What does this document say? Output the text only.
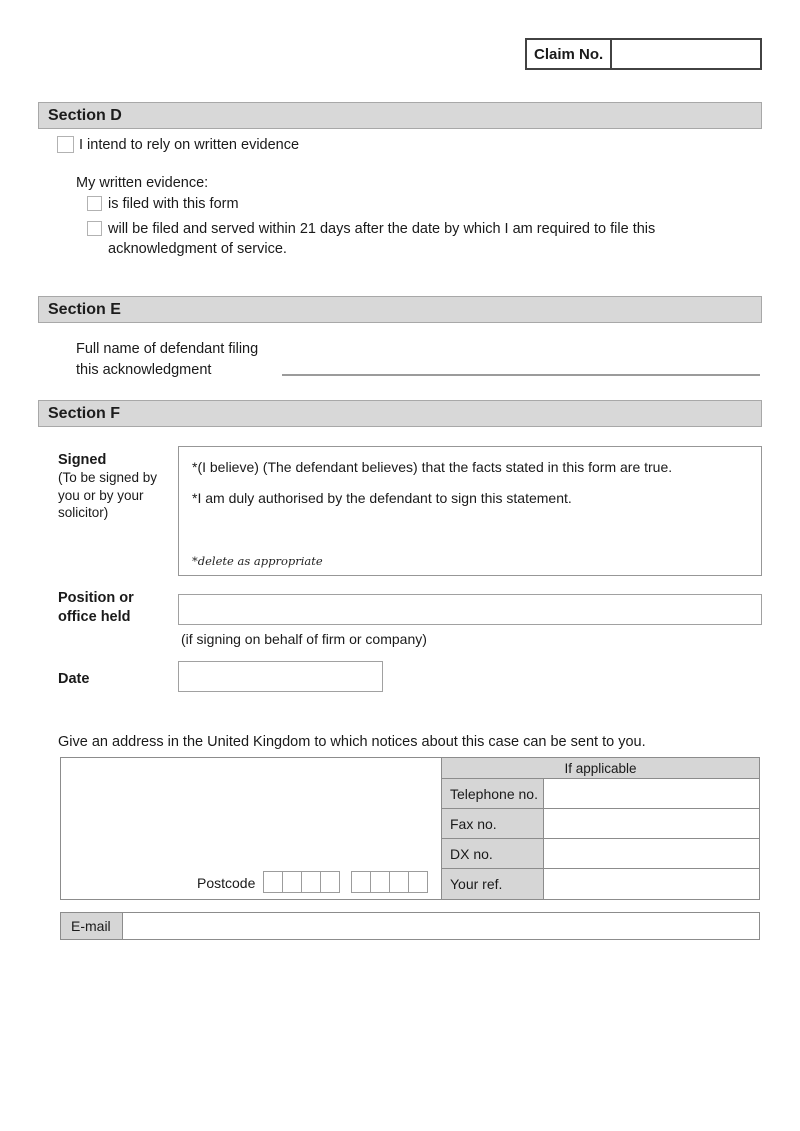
Claim No.
Section D
I intend to rely on written evidence
My written evidence:
is filed with this form
will be filed and served within 21 days after the date by which I am required to file this acknowledgment of service.
Section E
Full name of defendant filing this acknowledgment
Section F
Signed
(To be signed by you or by your solicitor)
*(I believe) (The defendant believes) that the facts stated in this form are true.
*I am duly authorised by the defendant to sign this statement.
*delete as appropriate
Position or office held
(if signing on behalf of firm or company)
Date
Give an address in the United Kingdom to which notices about this case can be sent to you.
Postcode
If applicable
Telephone no.
Fax no.
DX no.
Your ref.
E-mail
